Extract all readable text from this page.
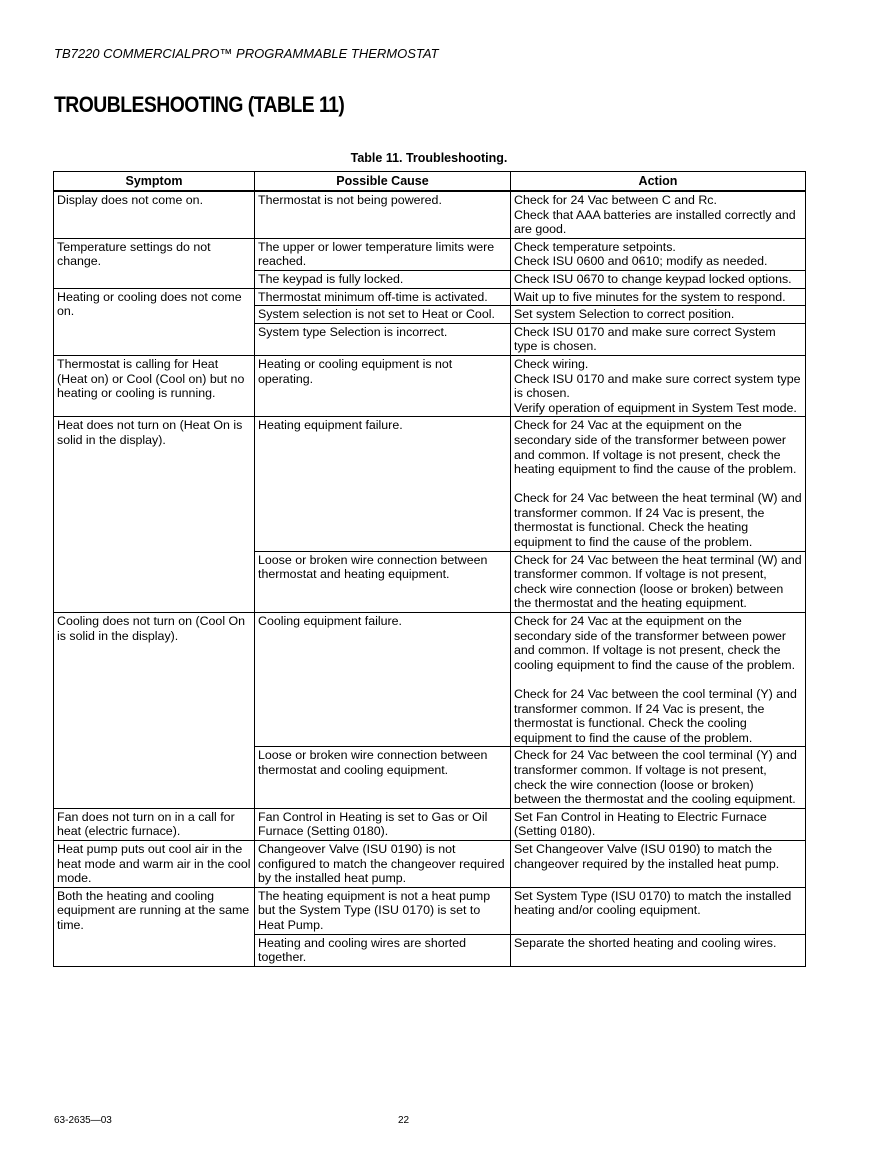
TB7220 COMMERCIALPRO™ PROGRAMMABLE THERMOSTAT
TROUBLESHOOTING (TABLE 11)
Table 11. Troubleshooting.
Symptom	Possible Cause	Action
Display does not come on.	Thermostat is not being powered.	Check for 24 Vac between C and Rc.
Check that AAA batteries are installed correctly and are good.

Temperature settings do not change.	The upper or lower temperature limits were reached.	Check temperature setpoints.
Check ISU 0600 and 0610; modify as needed.

	The keypad is fully locked.	Check ISU 0670 to change keypad locked options.

Heating or cooling does not come on.	Thermostat minimum off-time is activated.	Wait up to five minutes for the system to respond.

	System selection is not set to Heat or Cool.	Set system Selection to correct position.

	System type Selection is incorrect.	Check ISU 0170 and make sure correct System type is chosen.

Thermostat is calling for Heat (Heat on) or Cool (Cool on) but no heating or cooling is running.	Heating or cooling equipment is not operating.	Check wiring.
Check ISU 0170 and make sure correct system type is chosen.
Verify operation of equipment in System Test mode.

Heat does not turn on (Heat On is solid in the display).	Heating equipment failure.	Check for 24 Vac at the equipment on the secondary side of the transformer between power and common. If voltage is not present, check the heating equipment to find the cause of the problem.
Check for 24 Vac between the heat terminal (W) and transformer common. If 24 Vac is present, the thermostat is functional. Check the heating equipment to find the cause of the problem.

	Loose or broken wire connection between thermostat and heating equipment.	Check for 24 Vac between the heat terminal (W) and transformer common. If voltage is not present, check wire connection (loose or broken) between the thermostat and the heating equipment.

Cooling does not turn on (Cool On is solid in the display).	Cooling equipment failure.	Check for 24 Vac at the equipment on the secondary side of the transformer between power and common. If voltage is not present, check the cooling equipment to find the cause of the problem.
Check for 24 Vac between the cool terminal (Y) and transformer common. If 24 Vac is present, the thermostat is functional. Check the cooling equipment to find the cause of the problem.

	Loose or broken wire connection between thermostat and cooling equipment.	Check for 24 Vac between the cool terminal (Y) and transformer common. If voltage is not present, check the wire connection (loose or broken) between the thermostat and the cooling equipment.

Fan does not turn on in a call for heat (electric furnace).	Fan Control in Heating is set to Gas or Oil Furnace (Setting 0180).	Set Fan Control in Heating to Electric Furnace (Setting 0180).

Heat pump puts out cool air in the heat mode and warm air in the cool mode.	Changeover Valve (ISU 0190) is not configured to match the changeover required by the installed heat pump.	Set Changeover Valve (ISU 0190) to match the changeover required by the installed heat pump.

Both the heating and cooling equipment are running at the same time.	The heating equipment is not a heat pump but the System Type (ISU 0170) is set to Heat Pump.	Set System Type (ISU 0170) to match the installed heating and/or cooling equipment.

	Heating and cooling wires are shorted together.	Separate the shorted heating and cooling wires.
63-2635—03	22
